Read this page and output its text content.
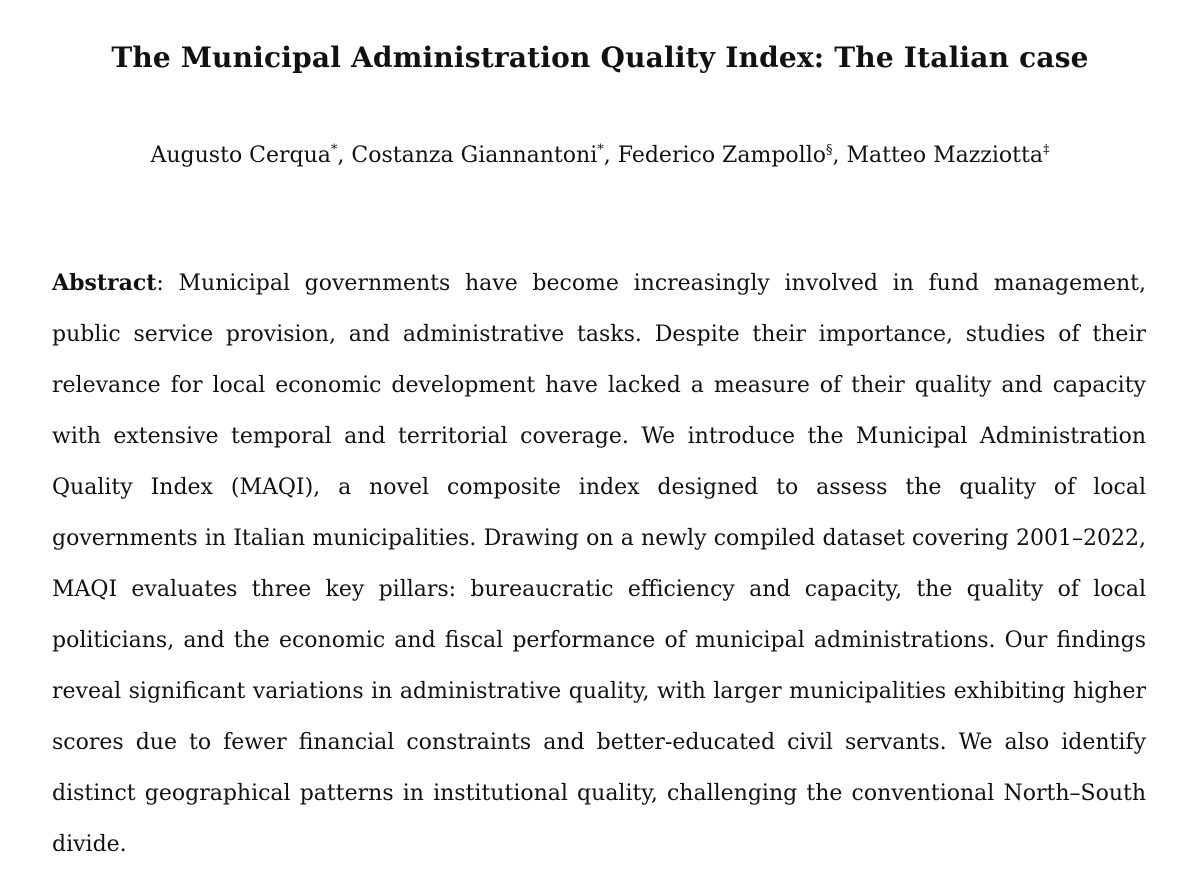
The Municipal Administration Quality Index: The Italian case
Augusto Cerqua*, Costanza Giannantoni*, Federico Zampollo§, Matteo Mazziotta‡

Abstract: Municipal governments have become increasingly involved in fund management, public service provision, and administrative tasks. Despite their importance, studies of their relevance for local economic development have lacked a measure of their quality and capacity with extensive temporal and territorial coverage. We introduce the Municipal Administration Quality Index (MAQI), a novel composite index designed to assess the quality of local governments in Italian municipalities. Drawing on a newly compiled dataset covering 2001–2022, MAQI evaluates three key pillars: bureaucratic efficiency and capacity, the quality of local politicians, and the economic and fiscal performance of municipal administrations. Our findings reveal significant variations in administrative quality, with larger municipalities exhibiting higher scores due to fewer financial constraints and better-educated civil servants. We also identify distinct geographical patterns in institutional quality, challenging the conventional North–South divide.
